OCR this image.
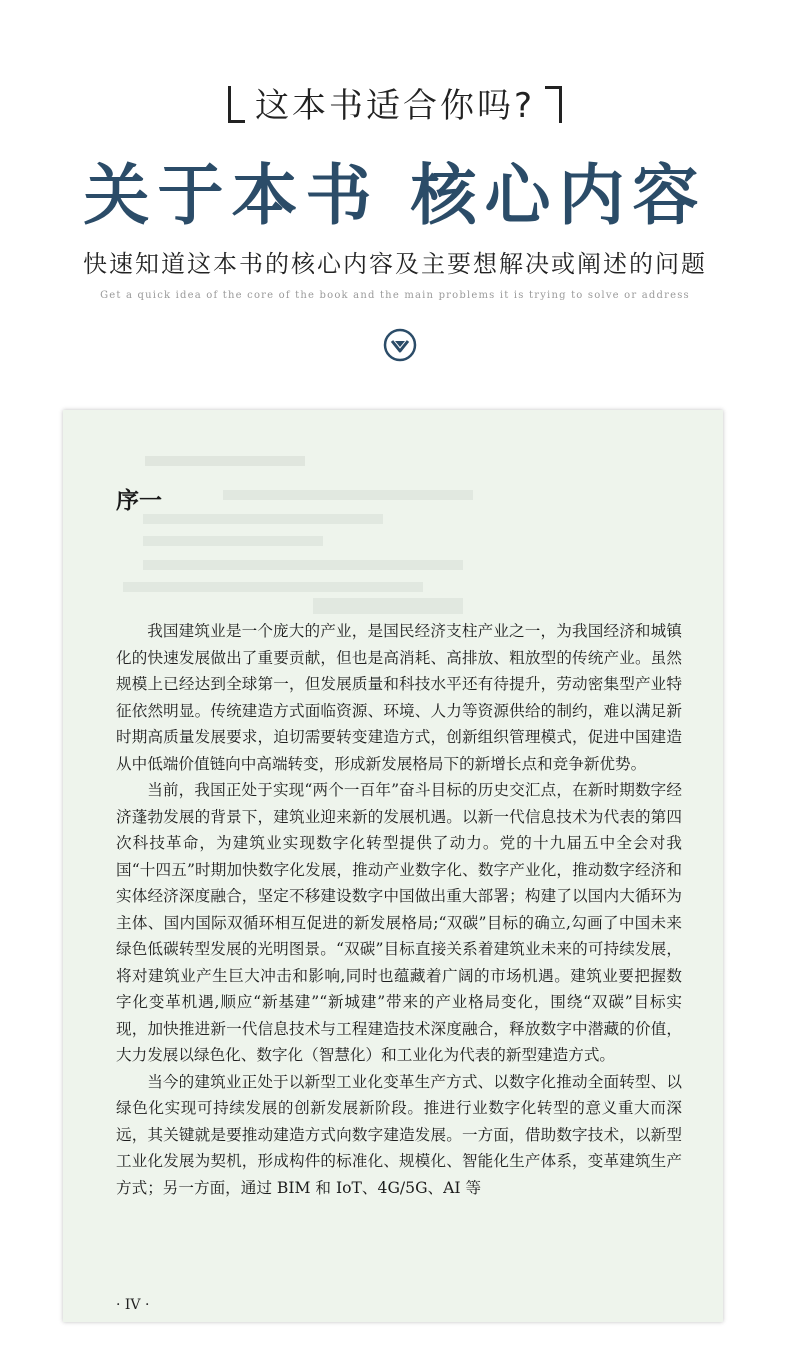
这本书适合你吗?
关于本书 核心内容
快速知道这本书的核心内容及主要想解决或阐述的问题
Get a quick idea of the core of the book and the main problems it is trying to solve or address
序一

我国建筑业是一个庞大的产业，是国民经济支柱产业之一，为我国经济和城镇化的快速发展做出了重要贡献，但也是高消耗、高排放、粗放型的传统产业。虽然规模上已经达到全球第一，但发展质量和科技水平还有待提升，劳动密集型产业特征依然明显。传统建造方式面临资源、环境、人力等资源供给的制约，难以满足新时期高质量发展要求，迫切需要转变建造方式，创新组织管理模式，促进中国建造从中低端价值链向中高端转变，形成新发展格局下的新增长点和竞争新优势。

当前，我国正处于实现“两个一百年”奋斗目标的历史交汇点，在新时期数字经济蓬勃发展的背景下，建筑业迎来新的发展机遇。以新一代信息技术为代表的第四次科技革命，为建筑业实现数字化转型提供了动力。党的十九届五中全会对我国“十四五”时期加快数字化发展，推动产业数字化、数字产业化，推动数字经济和实体经济深度融合，坚定不移建设数字中国做出重大部署；构建了以国内大循环为主体、国内国际双循环相互促进的新发展格局;“双碳”目标的确立,勾画了中国未来绿色低碳转型发展的光明图景。“双碳”目标直接关系着建筑业未来的可持续发展，将对建筑业产生巨大冲击和影响,同时也蕴藏着广阔的市场机遇。建筑业要把握数字化变革机遇,顺应“新基建”“新城建”带来的产业格局变化，围绕“双碳”目标实现，加快推进新一代信息技术与工程建造技术深度融合，释放数字中潜藏的价值，大力发展以绿色化、数字化（智慧化）和工业化为代表的新型建造方式。

当今的建筑业正处于以新型工业化变革生产方式、以数字化推动全面转型、以绿色化实现可持续发展的创新发展新阶段。推进行业数字化转型的意义重大而深远，其关键就是要推动建造方式向数字建造发展。一方面，借助数字技术，以新型工业化发展为契机，形成构件的标准化、规模化、智能化生产体系，变革建筑生产方式；另一方面，通过 BIM 和 IoT、4G/5G、AI 等

· IV ·
